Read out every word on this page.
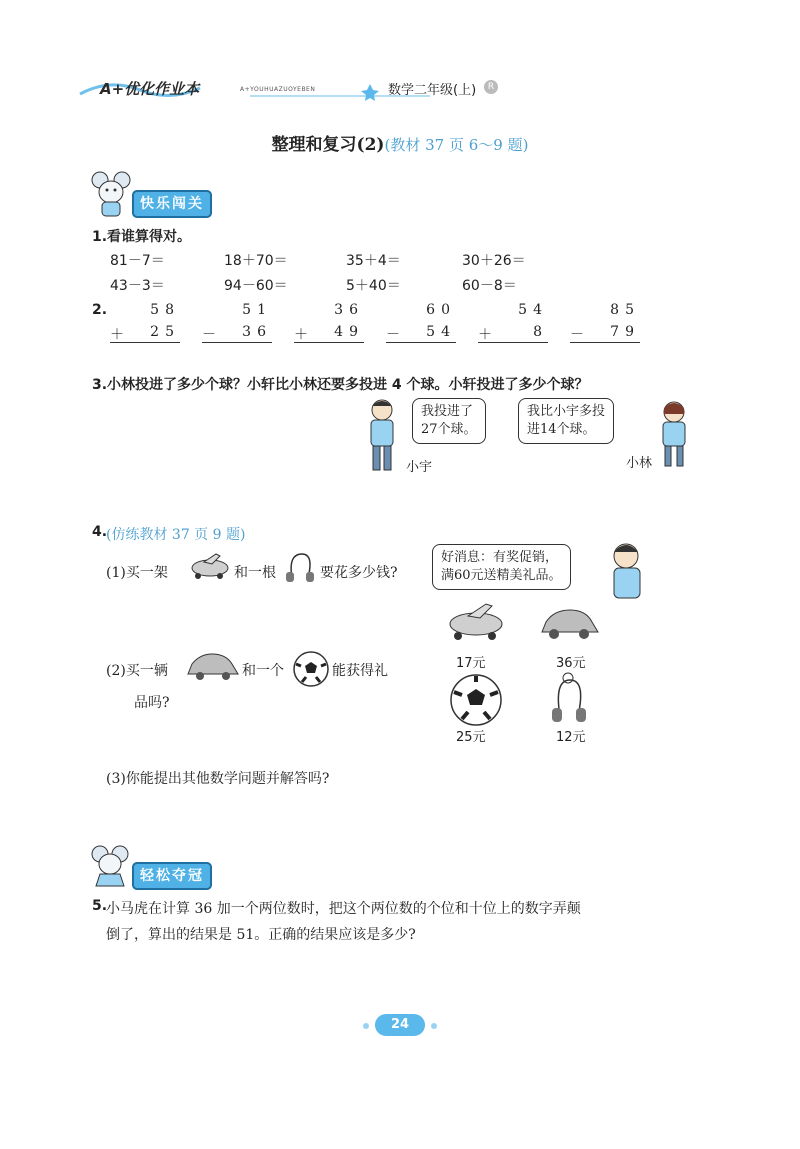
A+优化作业本	A+YOUHUAZUOYEBEN	数学二年级(上)	R
整理和复习(2)(教材 37 页 6～9 题)
快乐闯关
1.看谁算得对。
81－7＝	18＋70＝	35＋4＝	30＋26＝
43－3＝	94－60＝	5＋40＝	60－8＝
2.	58
＋ 25
51
－ 36
36
＋ 49
60
－ 54
54
＋	8
85
－ 79
3.小林投进了多少个球？小轩比小林还要多投进 4 个球。小轩投进了多少个球？
我投进了
27个球。
小宇
我比小宇多投
进14个球。
小林
4.
(仿练教材 37 页 9 题)
(1)买一架	和一根	要花多少钱?
好消息：有奖促销，
满60元送精美礼品。
17元	36元
(2)买一辆	和一个	能获得礼
品吗?
25元	12元
(3)你能提出其他数学问题并解答吗?
轻松夺冠
5.
小马虎在计算 36 加一个两位数时，把这个两位数的个位和十位上的数字弄颠
倒了，算出的结果是 51。正确的结果应该是多少?
24
